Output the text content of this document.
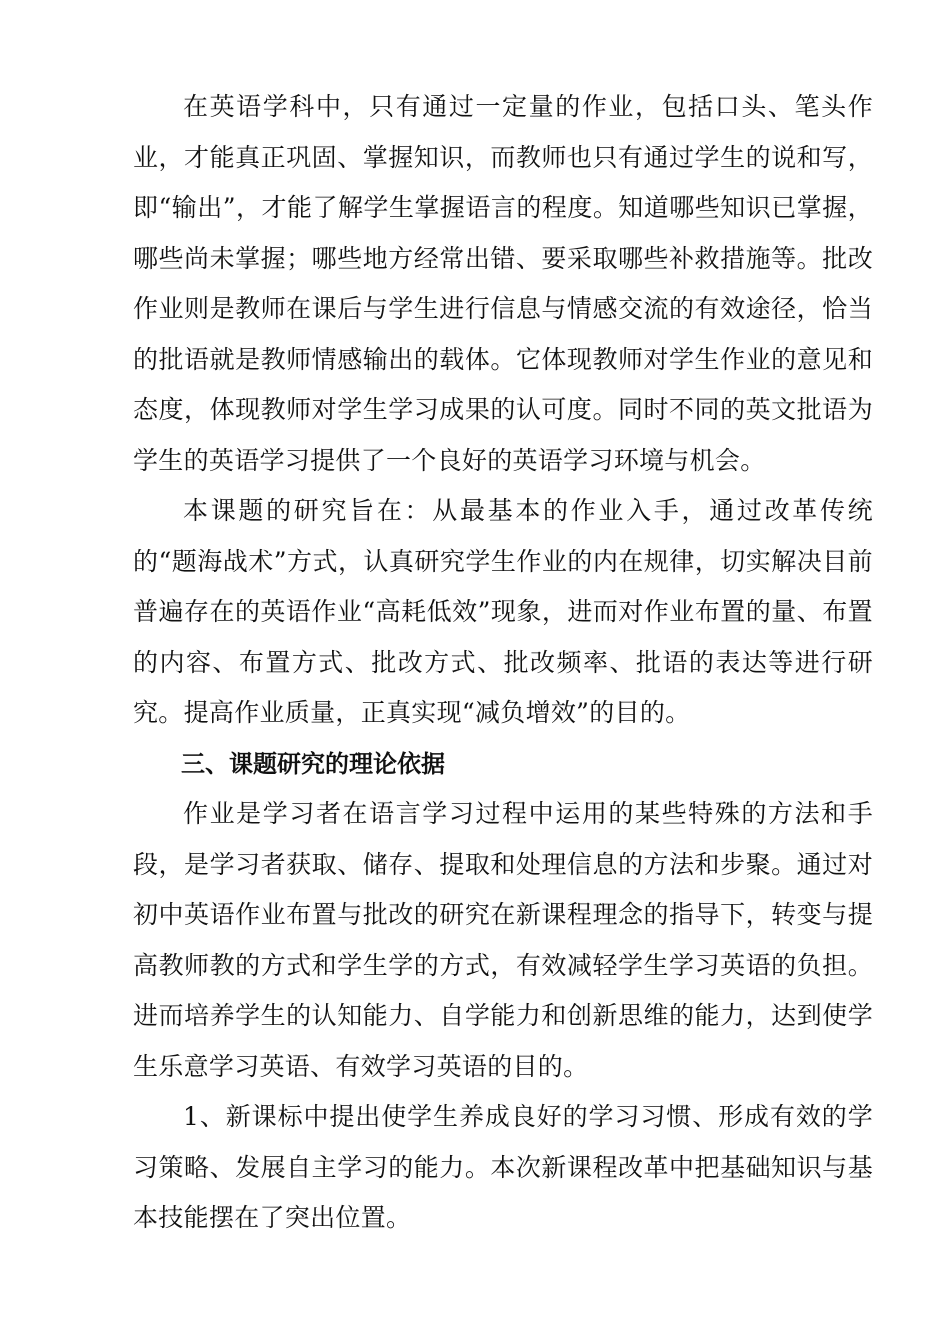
在英语学科中，只有通过一定量的作业，包括口头、笔头作业，才能真正巩固、掌握知识，而教师也只有通过学生的说和写，即“输出”，才能了解学生掌握语言的程度。知道哪些知识已掌握，哪些尚未掌握；哪些地方经常出错、要采取哪些补救措施等。批改作业则是教师在课后与学生进行信息与情感交流的有效途径，恰当的批语就是教师情感输出的载体。它体现教师对学生作业的意见和态度，体现教师对学生学习成果的认可度。同时不同的英文批语为学生的英语学习提供了一个良好的英语学习环境与机会。

本课题的研究旨在：从最基本的作业入手，通过改革传统的“题海战术”方式，认真研究学生作业的内在规律，切实解决目前普遍存在的英语作业“高耗低效”现象，进而对作业布置的量、布置的内容、布置方式、批改方式、批改频率、批语的表达等进行研究。提高作业质量，正真实现“减负增效”的目的。

三、课题研究的理论依据

作业是学习者在语言学习过程中运用的某些特殊的方法和手段，是学习者获取、储存、提取和处理信息的方法和步聚。通过对初中英语作业布置与批改的研究在新课程理念的指导下，转变与提高教师教的方式和学生学的方式，有效减轻学生学习英语的负担。进而培养学生的认知能力、自学能力和创新思维的能力，达到使学生乐意学习英语、有效学习英语的目的。

1、新课标中提出使学生养成良好的学习习惯、形成有效的学习策略、发展自主学习的能力。本次新课程改革中把基础知识与基本技能摆在了突出位置。
